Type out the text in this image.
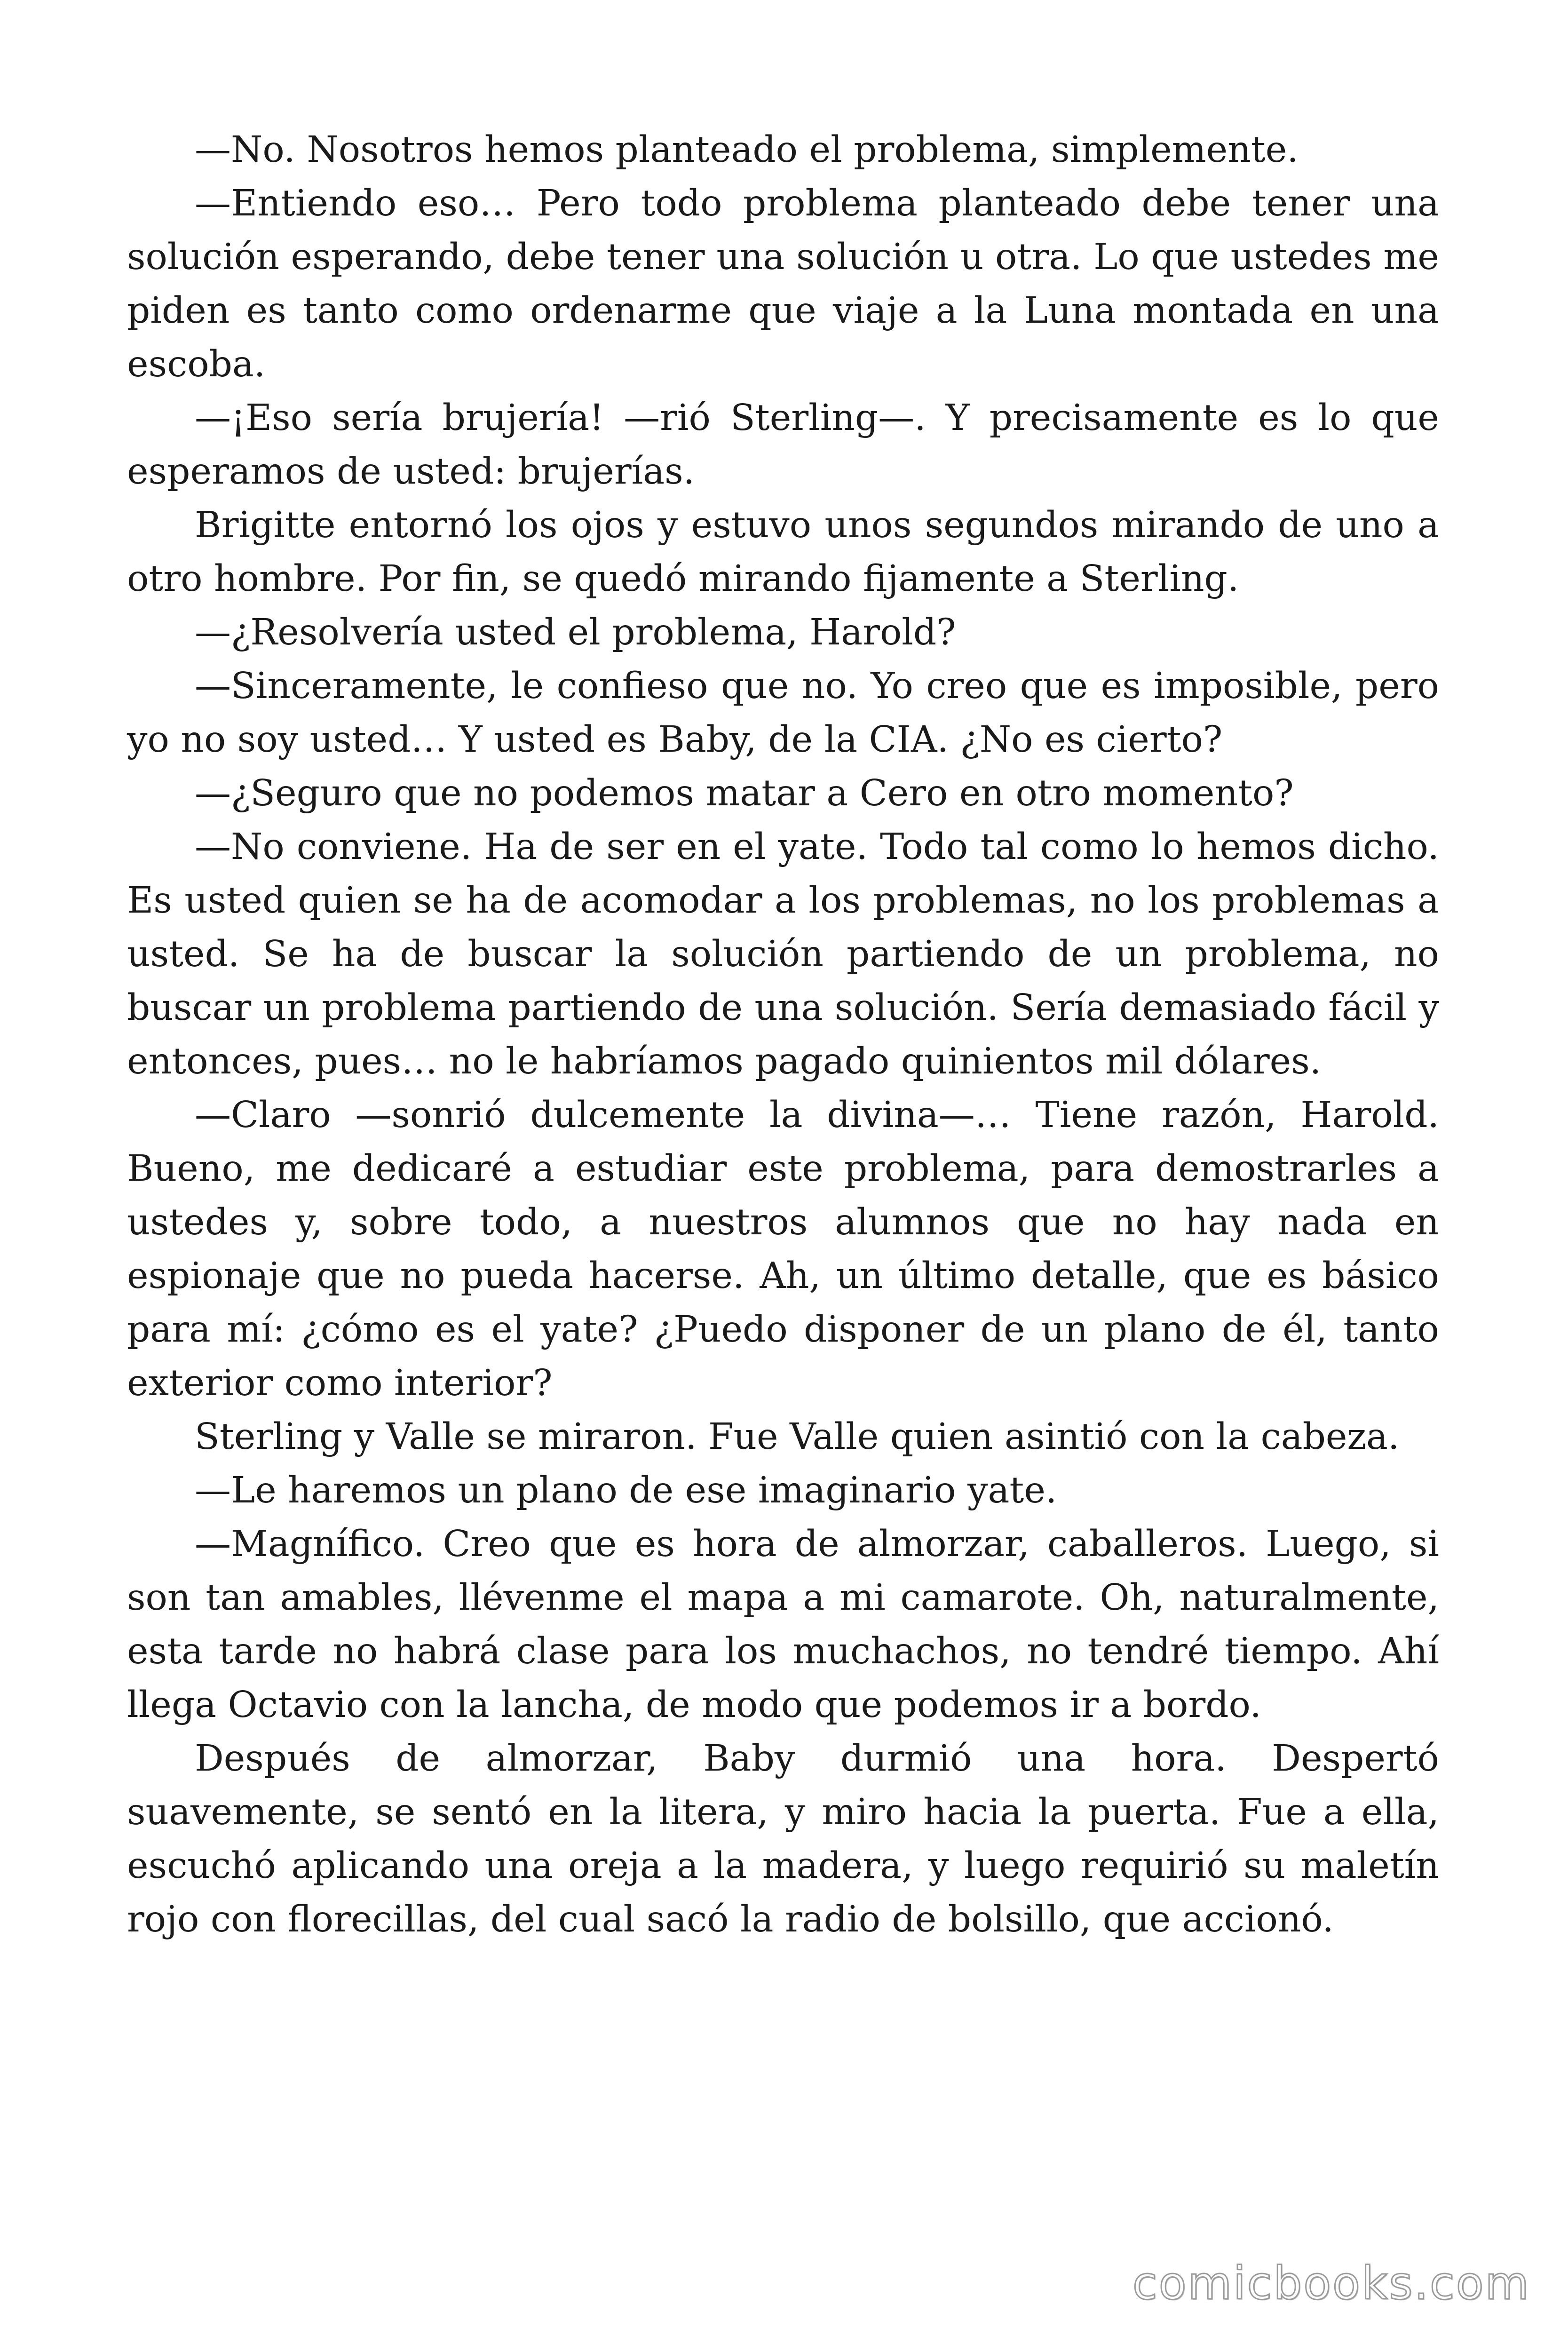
—No. Nosotros hemos planteado el problema, simplemente.

—Entiendo eso… Pero todo problema planteado debe tener una solución esperando, debe tener una solución u otra. Lo que ustedes me piden es tanto como ordenarme que viaje a la Luna montada en una escoba.

—¡Eso sería brujería! —rió Sterling—. Y precisamente es lo que esperamos de usted: brujerías.

Brigitte entornó los ojos y estuvo unos segundos mirando de uno a otro hombre. Por fin, se quedó mirando fijamente a Sterling.

—¿Resolvería usted el problema, Harold?

—Sinceramente, le confieso que no. Yo creo que es imposible, pero yo no soy usted… Y usted es Baby, de la CIA. ¿No es cierto?

—¿Seguro que no podemos matar a Cero en otro momento?

—No conviene. Ha de ser en el yate. Todo tal como lo hemos dicho. Es usted quien se ha de acomodar a los problemas, no los problemas a usted. Se ha de buscar la solución partiendo de un problema, no buscar un problema partiendo de una solución. Sería demasiado fácil y entonces, pues… no le habríamos pagado quinientos mil dólares.

—Claro —sonrió dulcemente la divina—… Tiene razón, Harold. Bueno, me dedicaré a estudiar este problema, para demostrarles a ustedes y, sobre todo, a nuestros alumnos que no hay nada en espionaje que no pueda hacerse. Ah, un último detalle, que es básico para mí: ¿cómo es el yate? ¿Puedo disponer de un plano de él, tanto exterior como interior?

Sterling y Valle se miraron. Fue Valle quien asintió con la cabeza.

—Le haremos un plano de ese imaginario yate.

—Magnífico. Creo que es hora de almorzar, caballeros. Luego, si son tan amables, llévenme el mapa a mi camarote. Oh, naturalmente, esta tarde no habrá clase para los muchachos, no tendré tiempo. Ahí llega Octavio con la lancha, de modo que podemos ir a bordo.

Después de almorzar, Baby durmió una hora. Despertó suavemente, se sentó en la litera, y miro hacia la puerta. Fue a ella, escuchó aplicando una oreja a la madera, y luego requirió su maletín rojo con florecillas, del cual sacó la radio de bolsillo, que accionó.

comicbooks.com
